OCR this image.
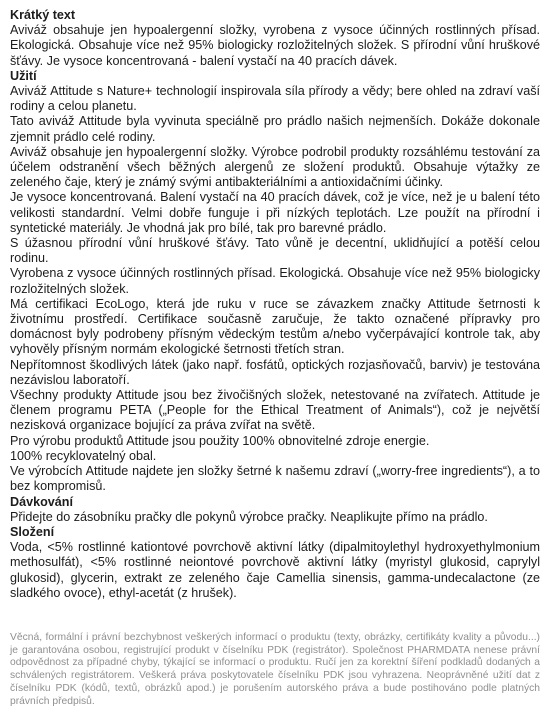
Krátký text

Aviváž obsahuje jen hypoalergenní složky, vyrobena z vysoce účinných rostlinných přísad. Ekologická. Obsahuje více než 95% biologicky rozložitelných složek. S přírodní vůní hruškové šťávy. Je vysoce koncentrovaná - balení vystačí na 40 pracích dávek.

Užití

Aviváž Attitude s Nature+ technologií inspirovala síla přírody a vědy; bere ohled na zdraví vaší rodiny a celou planetu.

Tato aviváž Attitude byla vyvinuta speciálně pro prádlo našich nejmenších. Dokáže dokonale zjemnit prádlo celé rodiny.

Aviváž obsahuje jen hypoalergenní složky. Výrobce podrobil produkty rozsáhlému testování za účelem odstranění všech běžných alergenů ze složení produktů. Obsahuje výtažky ze zeleného čaje, který je známý svými antibakteriálními a antioxidačními účinky.

Je vysoce koncentrovaná. Balení vystačí na 40 pracích dávek, což je více, než je u balení této velikosti standardní. Velmi dobře funguje i při nízkých teplotách. Lze použít na přírodní i syntetické materiály. Je vhodná jak pro bílé, tak pro barevné prádlo.

S úžasnou přírodní vůní hruškové šťávy. Tato vůně je decentní, uklidňující a potěší celou rodinu.

Vyrobena z vysoce účinných rostlinných přísad. Ekologická. Obsahuje více než 95% biologicky rozložitelných složek.

Má certifikaci EcoLogo, která jde ruku v ruce se závazkem značky Attitude šetrnosti k životnímu prostředí. Certifikace současně zaručuje, že takto označené přípravky pro domácnost byly podrobeny přísným vědeckým testům a/nebo vyčerpávající kontrole tak, aby vyhověly přísným normám ekologické šetrnosti třetích stran.

Nepřítomnost škodlivých látek (jako např. fosfátů, optických rozjasňovačů, barviv) je testována nezávislou laboratoří.

Všechny produkty Attitude jsou bez živočišných složek, netestované na zvířatech. Attitude je členem programu PETA („People for the Ethical Treatment of Animals“), což je největší nezisková organizace bojující za práva zvířat na světě.

Pro výrobu produktů Attitude jsou použity 100% obnovitelné zdroje energie.

100% recyklovatelný obal.

Ve výrobcích Attitude najdete jen složky šetrné k našemu zdraví („worry-free ingredients“), a to bez kompromisů.

Dávkování

Přidejte do zásobníku pračky dle pokynů výrobce pračky. Neaplikujte přímo na prádlo.

Složení

Voda, <5% rostlinné kationtové povrchově aktivní látky (dipalmitoylethyl hydroxyethylmonium methosulfát), <5% rostlinné neiontové povrchově aktivní látky (myristyl glukosid, caprylyl glukosid), glycerin, extrakt ze zeleného čaje Camellia sinensis, gamma-undecalactone (ze sladkého ovoce), ethyl-acetát (z hrušek).

Věcná, formální i právní bezchybnost veškerých informací o produktu (texty, obrázky, certifikáty kvality a původu...) je garantována osobou, registrující produkt v číselníku PDK (registrátor). Společnost PHARMDATA nenese právní odpovědnost za případné chyby, týkající se informací o produktu. Ručí jen za korektní šíření podkladů dodaných a schválených registrátorem. Veškerá práva poskytovatele číselníku PDK jsou vyhrazena. Neoprávněné užití dat z číselníku PDK (kódů, textů, obrázků apod.) je porušením autorského práva a bude postihováno podle platných právních předpisů.
